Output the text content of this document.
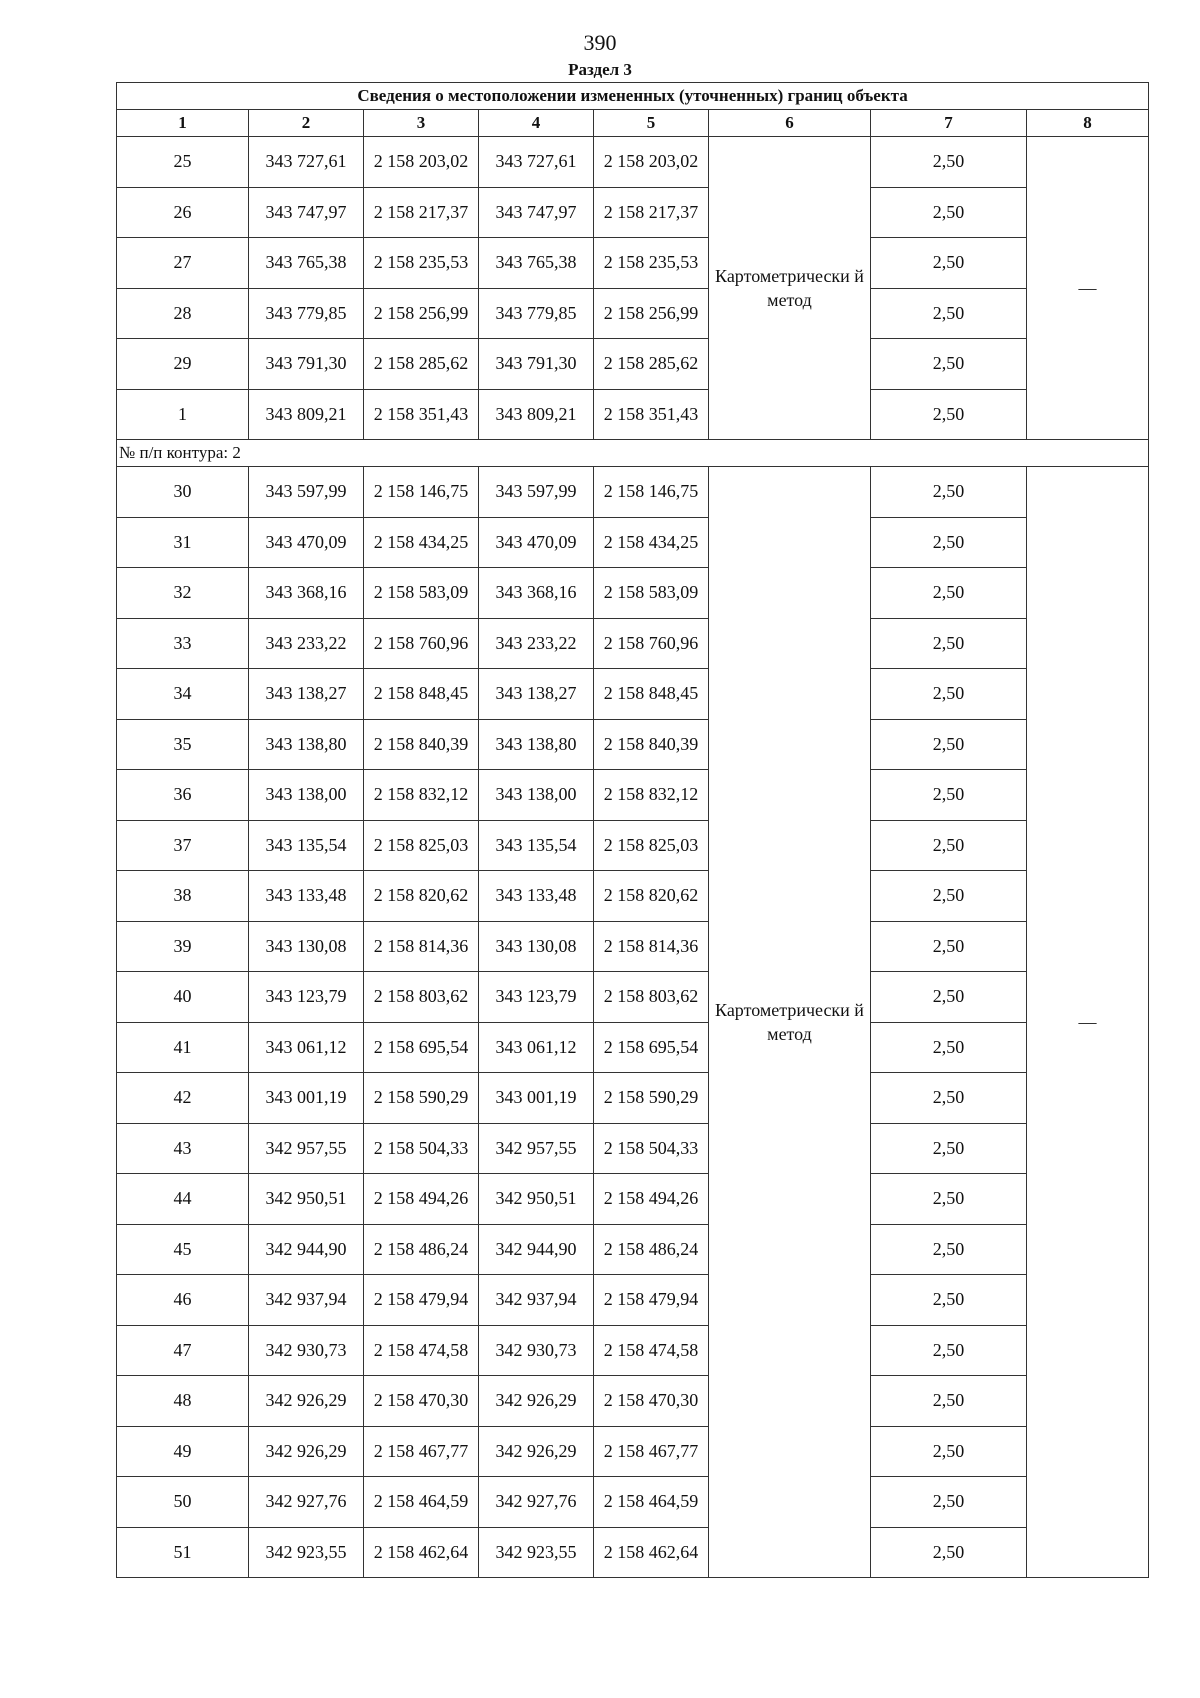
390
Раздел 3
Сведения о местоположении измененных (уточненных) границ объекта							
1	2	3	4	5	6	7	8
25	343 727,61	2 158 203,02	343 727,61	2 158 203,02	Картометрически й метод	2,50	—
26	343 747,97	2 158 217,37	343 747,97	2 158 217,37		2,50	
27	343 765,38	2 158 235,53	343 765,38	2 158 235,53		2,50	
28	343 779,85	2 158 256,99	343 779,85	2 158 256,99		2,50	
29	343 791,30	2 158 285,62	343 791,30	2 158 285,62		2,50	
1	343 809,21	2 158 351,43	343 809,21	2 158 351,43		2,50	
№ п/п контура: 2							
30	343 597,99	2 158 146,75	343 597,99	2 158 146,75	Картометрически й метод	2,50	—
31	343 470,09	2 158 434,25	343 470,09	2 158 434,25		2,50	
32	343 368,16	2 158 583,09	343 368,16	2 158 583,09		2,50	
33	343 233,22	2 158 760,96	343 233,22	2 158 760,96		2,50	
34	343 138,27	2 158 848,45	343 138,27	2 158 848,45		2,50	
35	343 138,80	2 158 840,39	343 138,80	2 158 840,39		2,50	
36	343 138,00	2 158 832,12	343 138,00	2 158 832,12		2,50	
37	343 135,54	2 158 825,03	343 135,54	2 158 825,03		2,50	
38	343 133,48	2 158 820,62	343 133,48	2 158 820,62		2,50	
39	343 130,08	2 158 814,36	343 130,08	2 158 814,36		2,50	
40	343 123,79	2 158 803,62	343 123,79	2 158 803,62		2,50	
41	343 061,12	2 158 695,54	343 061,12	2 158 695,54		2,50	
42	343 001,19	2 158 590,29	343 001,19	2 158 590,29		2,50	
43	342 957,55	2 158 504,33	342 957,55	2 158 504,33		2,50	
44	342 950,51	2 158 494,26	342 950,51	2 158 494,26		2,50	
45	342 944,90	2 158 486,24	342 944,90	2 158 486,24		2,50	
46	342 937,94	2 158 479,94	342 937,94	2 158 479,94		2,50	
47	342 930,73	2 158 474,58	342 930,73	2 158 474,58		2,50	
48	342 926,29	2 158 470,30	342 926,29	2 158 470,30		2,50	
49	342 926,29	2 158 467,77	342 926,29	2 158 467,77		2,50	
50	342 927,76	2 158 464,59	342 927,76	2 158 464,59		2,50	
51	342 923,55	2 158 462,64	342 923,55	2 158 462,64		2,50	
